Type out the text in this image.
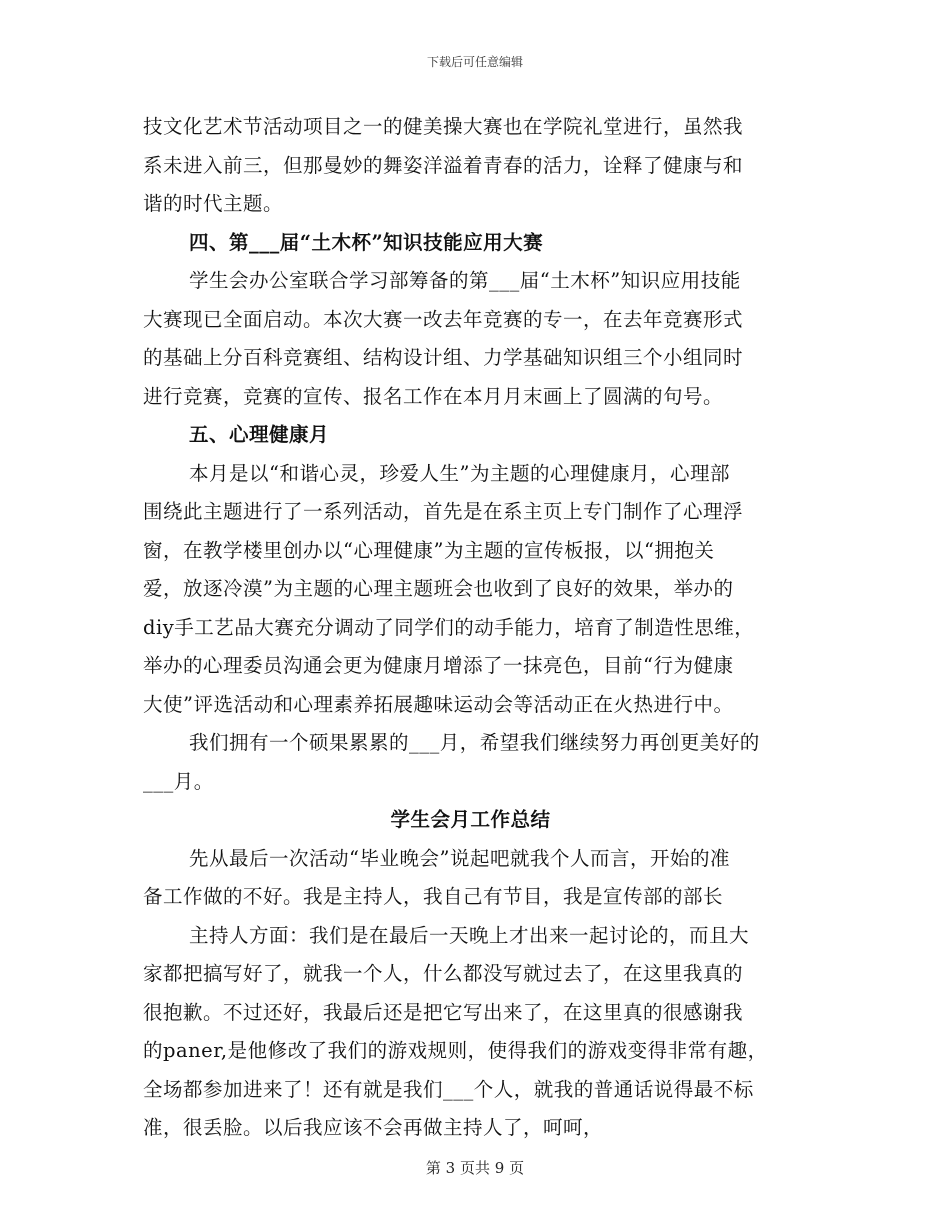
下载后可任意编辑
技文化艺术节活动项目之一的健美操大赛也在学院礼堂进行，虽然我
系未进入前三，但那曼妙的舞姿洋溢着青春的活力，诠释了健康与和
谐的时代主题。
四、第___届“土木杯”知识技能应用大赛
学生会办公室联合学习部筹备的第___届“土木杯”知识应用技能
大赛现已全面启动。本次大赛一改去年竞赛的专一，在去年竞赛形式
的基础上分百科竞赛组、结构设计组、力学基础知识组三个小组同时
进行竞赛，竞赛的宣传、报名工作在本月月末画上了圆满的句号。
五、心理健康月
本月是以“和谐心灵，珍爱人生”为主题的心理健康月，心理部
围绕此主题进行了一系列活动，首先是在系主页上专门制作了心理浮
窗，在教学楼里创办以“心理健康”为主题的宣传板报，以“拥抱关
爱，放逐冷漠”为主题的心理主题班会也收到了良好的效果，举办的
diy手工艺品大赛充分调动了同学们的动手能力，培育了制造性思维，
举办的心理委员沟通会更为健康月增添了一抹亮色，目前“行为健康
大使”评选活动和心理素养拓展趣味运动会等活动正在火热进行中。
我们拥有一个硕果累累的___月，希望我们继续努力再创更美好的
___月。
学生会月工作总结
先从最后一次活动“毕业晚会”说起吧就我个人而言，开始的准
备工作做的不好。我是主持人，我自己有节目，我是宣传部的部长
主持人方面：我们是在最后一天晚上才出来一起讨论的，而且大
家都把搞写好了，就我一个人，什么都没写就过去了，在这里我真的
很抱歉。不过还好，我最后还是把它写出来了，在这里真的很感谢我
的paner,是他修改了我们的游戏规则，使得我们的游戏变得非常有趣，
全场都参加进来了！还有就是我们___个人，就我的普通话说得最不标
准，很丢脸。以后我应该不会再做主持人了，呵呵，
第 3 页共 9 页
